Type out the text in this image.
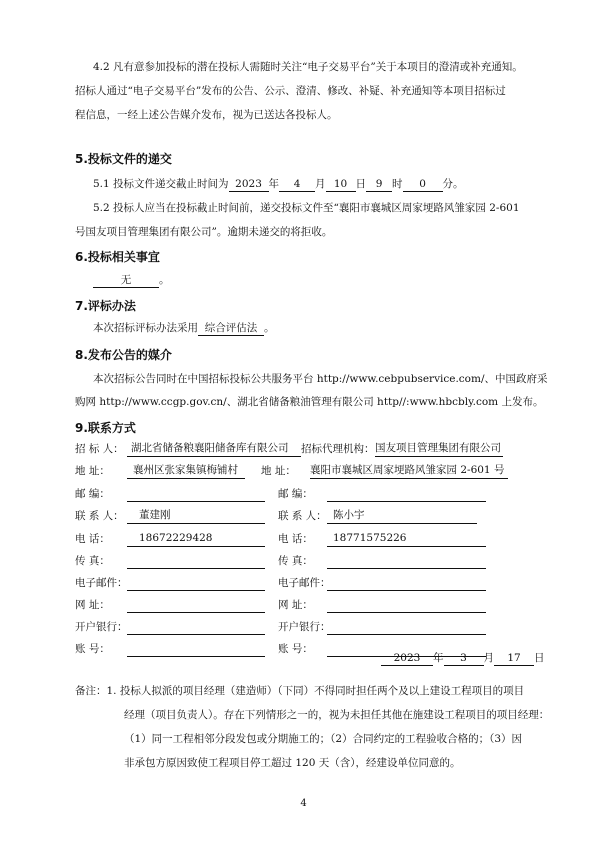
4.2 凡有意参加投标的潜在投标人需随时关注“电子交易平台”关于本项目的澄清或补充通知。
招标人通过“电子交易平台”发布的公告、公示、澄清、修改、补疑、补充通知等本项目招标过
程信息，一经上述公告媒介发布，视为已送达各投标人。
5.投标文件的递交
5.1 投标文件递交截止时间为 2023 年 4 月 10 日 9 时 0 分。
5.2 投标人应当在投标截止时间前，递交投标文件至“襄阳市襄城区周家埂路风雏家园 2-601
号国友项目管理集团有限公司”。逾期未递交的将拒收。
6.投标相关事宜
无	。
7.评标办法
本次招标评标办法采用 综合评估法 。
8.发布公告的媒介
本次招标公告同时在中国招标投标公共服务平台 http://www.cebpubservice.com/、中国政府采
购网 http://www.ccgp.gov.cn/、湖北省储备粮油管理有限公司 http//:www.hbcbly.com 上发布。
9.联系方式
招 标 人： 湖北省储备粮襄阳储备库有限公司	招标代理机构： 国友项目管理集团有限公司
地 址：	襄州区张家集镇梅铺村	地 址： 襄阳市襄城区周家埂路风雏家园 2-601 号
邮 编：	邮 编：
联 系 人：	董建刚	联 系 人： 陈小宇
电 话：	18672229428	电 话：	18771575226
传 真：	传 真：
电子邮件：	电子邮件：
网 址：	网 址：
开户银行：	开户银行：
账 号：	账 号：
2023 年 3 月 17 日
备注：1. 投标人拟派的项目经理（建造师）（下同）不得同时担任两个及以上建设工程项目的项目
经理（项目负责人）。存在下列情形之一的，视为未担任其他在施建设工程项目的项目经理：
（1）同一工程相邻分段发包或分期施工的；（2）合同约定的工程验收合格的；（3）因
非承包方原因致使工程项目停工超过 120 天（含），经建设单位同意的。
4
